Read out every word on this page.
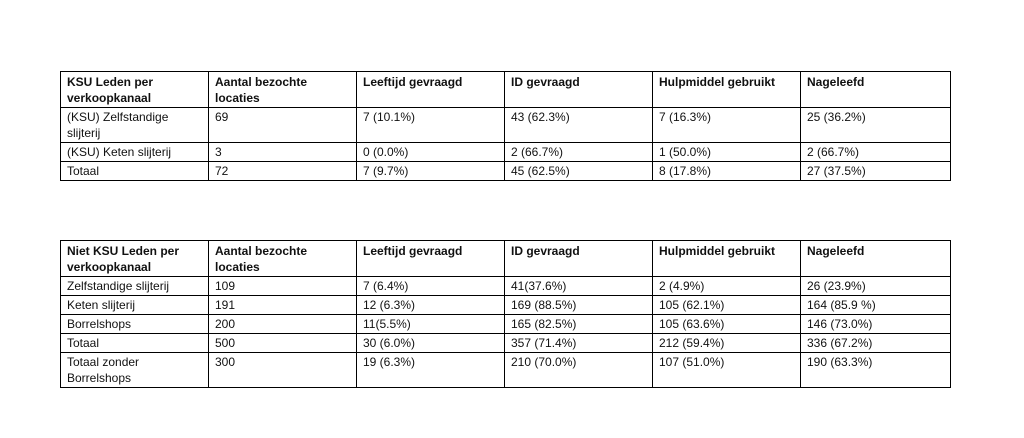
KSU Leden per verkoopkanaal	Aantal bezochte locaties	Leeftijd gevraagd	ID gevraagd	Hulpmiddel gebruikt	Nageleefd
(KSU) Zelfstandige slijterij	69	7 (10.1%)	43 (62.3%)	7 (16.3%)	25 (36.2%)
(KSU) Keten slijterij	3	0 (0.0%)	2 (66.7%)	1 (50.0%)	2 (66.7%)
Totaal	72	7 (9.7%)	45 (62.5%)	8 (17.8%)	27 (37.5%)
Niet KSU Leden per verkoopkanaal	Aantal bezochte locaties	Leeftijd gevraagd	ID gevraagd	Hulpmiddel gebruikt	Nageleefd
Zelfstandige slijterij	109	7 (6.4%)	41(37.6%)	2 (4.9%)	26 (23.9%)
Keten slijterij	191	12 (6.3%)	169 (88.5%)	105 (62.1%)	164 (85.9 %)
Borrelshops	200	11(5.5%)	165 (82.5%)	105 (63.6%)	146 (73.0%)
Totaal	500	30 (6.0%)	357 (71.4%)	212 (59.4%)	336 (67.2%)
Totaal zonder Borrelshops	300	19 (6.3%)	210 (70.0%)	107 (51.0%)	190 (63.3%)
